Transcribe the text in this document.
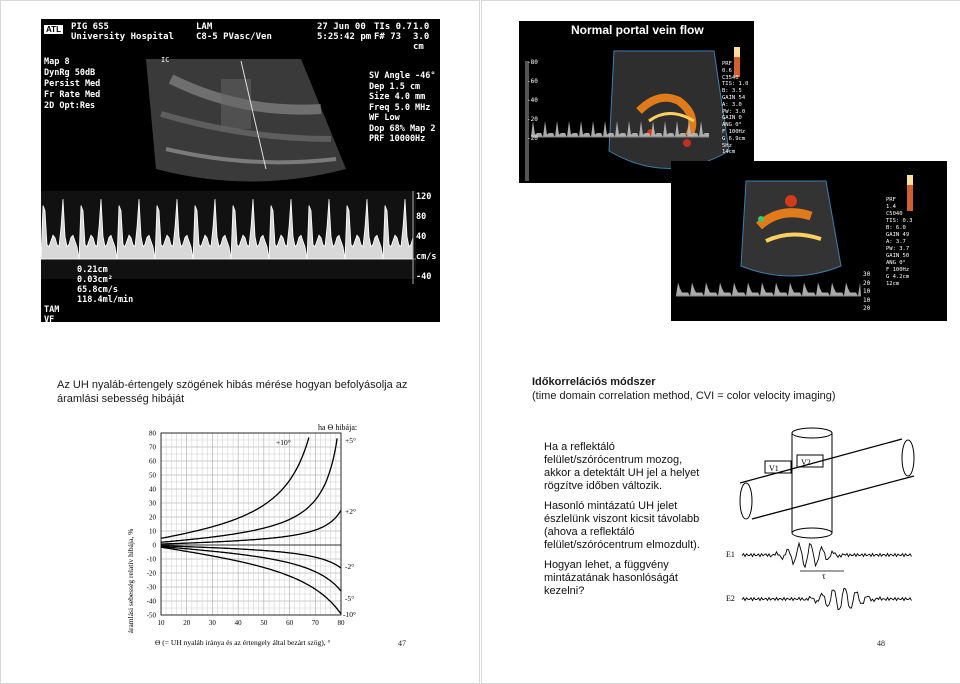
PIG 6S5
University Hospital
ATL	LAM
C8-5 PVasc/Ven
27 Jun 00
5:25:42 pm
TIs 0.7
F# 73
1.0
3.0 cm
Map 8
DynRg 50dB
Persist Med
Fr Rate Med
2D Opt:Res
IC
SV Angle -46°
Dep 1.5 cm
Size 4.0 mm
Freq 5.0 MHz
WF Low
Dop 68% Map 2
PRF 10000Hz
120
80
40
cm/s
-40

TAM
VF
0.21cm
0.03cm²
65.8cm/s
118.4ml/min
Az UH nyaláb-értengely szögének hibás mérése hogyan befolyásolja az áramlási sebesség hibáját
ha Θ hibája:
áramlási sebesség relatív hibája, %
80
70
60
50
40
30
20
10
0
-10
-20
-30
-40
-50
10	20	30	40	50	60	70	80
+10°	+5°
+2°
-2°
-5°
-10°
Θ (= UH nyaláb iránya és az értengely által bezárt szög), °	47
Normal portal vein flow
-80
-60
-40
-20
-20
PRF
0.6
C3540
TIS: 1.0
B: 3.5
GAIN 54
A: 3.0
PW: 3.0
GAIN 0
ANG 0°
F 100Hz
G 6.9cm
5Hz
14cm
30
20
10
10
20
PRF
1.4
C5040
TIS: 0.3
B: 6.0
GAIN 49
A: 3.7
PW: 3.7
GAIN 50
ANG 0°
F 100Hz
G 4.2cm
12cm
Időkorrelációs módszer
(time domain correlation method, CVI = color velocity imaging)

Ha a reflektáló felület/szórócentrum mozog, akkor a detektált UH jel a helyet rögzítve időben változik.

Hasonló mintázatú UH jelet észlelünk viszont kicsit távolabb (ahova a reflektáló felület/szórócentrum elmozdult).

Hogyan lehet, a függvény mintázatának hasonlóságát kezelni?

V1
V2
E1
E2
τ
48
